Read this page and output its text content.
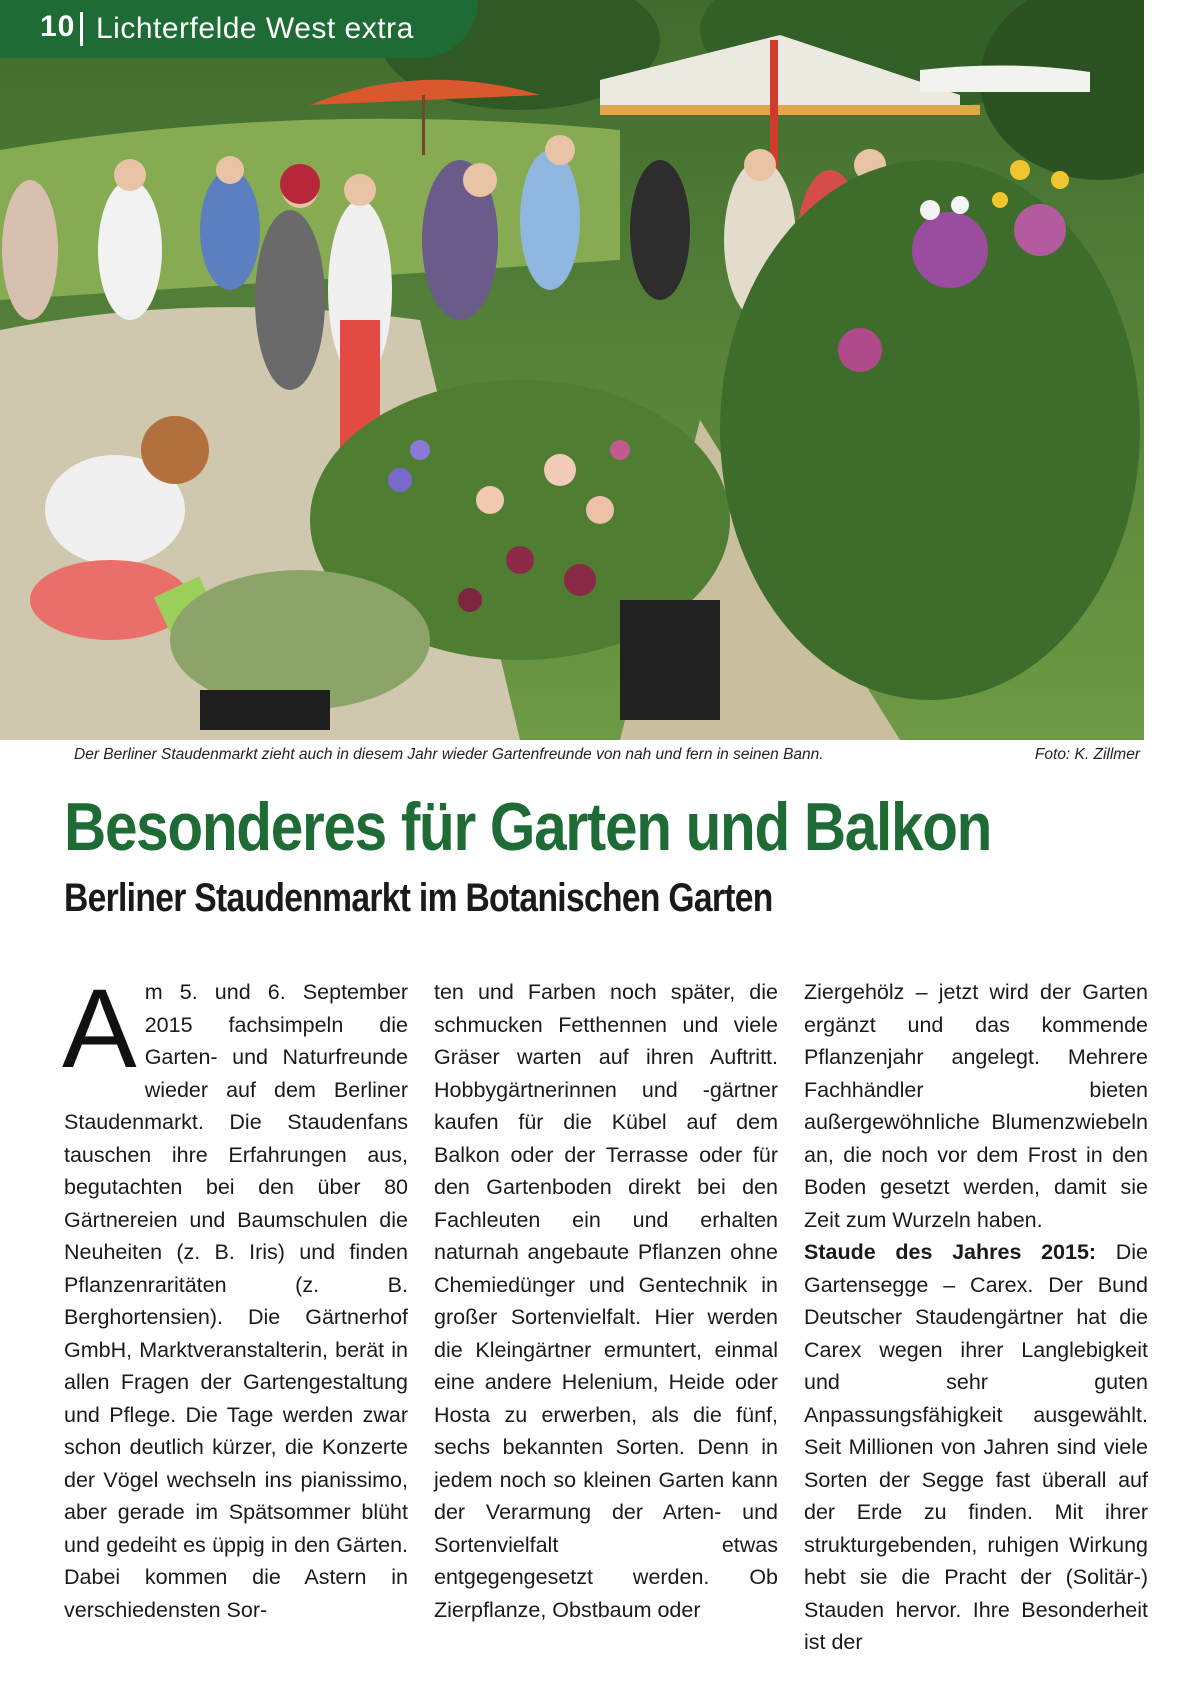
10 Lichterfelde West extra
Der Berliner Staudenmarkt zieht auch in diesem Jahr wieder Gartenfreunde von nah und fern in seinen Bann.	Foto: K. Zillmer
Besonderes für Garten und Balkon
Berliner Staudenmarkt im Botanischen Garten

Am 5. und 6. September 2015 fachsimpeln die Garten- und Naturfreunde wieder auf dem Berliner Staudenmarkt. Die Staudenfans tauschen ihre Erfahrungen aus, begutachten bei den über 80 Gärtnereien und Baumschulen die Neuheiten (z. B. Iris) und finden Pflanzenraritäten (z. B. Berghortensien). Die Gärtnerhof GmbH, Marktveranstalterin, berät in allen Fragen der Gartengestaltung und Pflege. Die Tage werden zwar schon deutlich kürzer, die Konzerte der Vögel wechseln ins pianissimo, aber gerade im Spätsommer blüht und gedeiht es üppig in den Gärten. Dabei kommen die Astern in verschiedensten Sor-

ten und Farben noch später, die schmucken Fetthennen und viele Gräser warten auf ihren Auftritt. Hobbygärtnerinnen und -gärtner kaufen für die Kübel auf dem Balkon oder der Terrasse oder für den Gartenboden direkt bei den Fachleuten ein und erhalten naturnah angebaute Pflanzen ohne Chemiedünger und Gentechnik in großer Sortenvielfalt. Hier werden die Kleingärtner ermuntert, einmal eine andere Helenium, Heide oder Hosta zu erwerben, als die fünf, sechs bekannten Sorten. Denn in jedem noch so kleinen Garten kann der Verarmung der Arten- und Sortenvielfalt etwas entgegengesetzt werden. Ob Zierpflanze, Obstbaum oder

Ziergehölz – jetzt wird der Garten ergänzt und das kommende Pflanzenjahr angelegt. Mehrere Fachhändler bieten außergewöhnliche Blumenzwiebeln an, die noch vor dem Frost in den Boden gesetzt werden, damit sie Zeit zum Wurzeln haben.

Staude des Jahres 2015: Die Gartensegge – Carex. Der Bund Deutscher Staudengärtner hat die Carex wegen ihrer Langlebigkeit und sehr guten Anpassungsfähigkeit ausgewählt. Seit Millionen von Jahren sind viele Sorten der Segge fast überall auf der Erde zu finden. Mit ihrer strukturgebenden, ruhigen Wirkung hebt sie die Pracht der (Solitär-) Stauden hervor. Ihre Besonderheit ist der
